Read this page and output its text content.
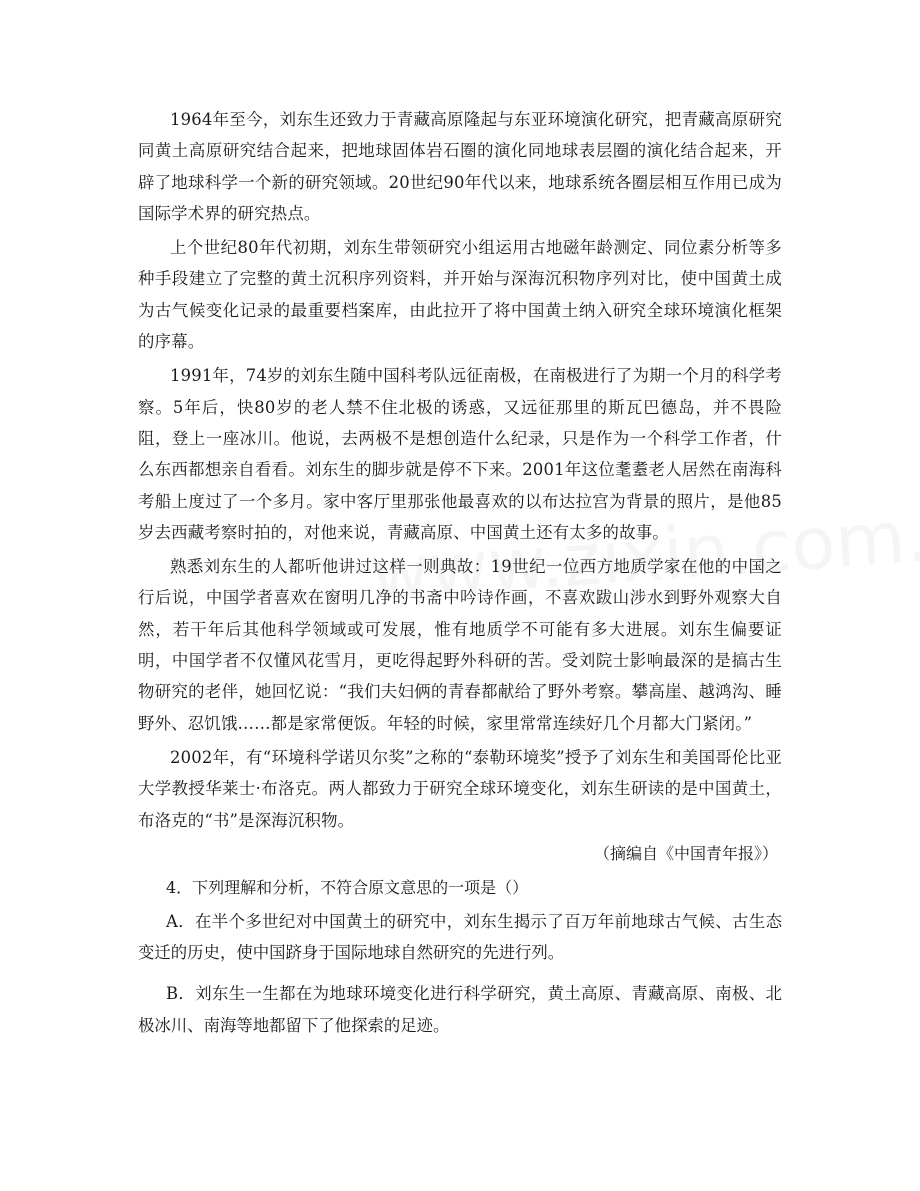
1964年至今，刘东生还致力于青藏高原隆起与东亚环境演化研究，把青藏高原研究同黄土高原研究结合起来，把地球固体岩石圈的演化同地球表层圈的演化结合起来，开辟了地球科学一个新的研究领域。20世纪90年代以来，地球系统各圈层相互作用已成为国际学术界的研究热点。

上个世纪80年代初期，刘东生带领研究小组运用古地磁年龄测定、同位素分析等多种手段建立了完整的黄土沉积序列资料，并开始与深海沉积物序列对比，使中国黄土成为古气候变化记录的最重要档案库，由此拉开了将中国黄土纳入研究全球环境演化框架的序幕。

1991年，74岁的刘东生随中国科考队远征南极，在南极进行了为期一个月的科学考察。5年后，快80岁的老人禁不住北极的诱惑，又远征那里的斯瓦巴德岛，并不畏险阻，登上一座冰川。他说，去两极不是想创造什么纪录，只是作为一个科学工作者，什么东西都想亲自看看。刘东生的脚步就是停不下来。2001年这位耄耋老人居然在南海科考船上度过了一个多月。家中客厅里那张他最喜欢的以布达拉宫为背景的照片，是他85岁去西藏考察时拍的，对他来说，青藏高原、中国黄土还有太多的故事。

熟悉刘东生的人都听他讲过这样一则典故：19世纪一位西方地质学家在他的中国之行后说，中国学者喜欢在窗明几净的书斋中吟诗作画，不喜欢跋山涉水到野外观察大自然，若干年后其他科学领域或可发展，惟有地质学不可能有多大进展。刘东生偏要证明，中国学者不仅懂风花雪月，更吃得起野外科研的苦。受刘院士影响最深的是搞古生物研究的老伴，她回忆说：“我们夫妇俩的青春都献给了野外考察。攀高崖、越鸿沟、睡野外、忍饥饿……都是家常便饭。年轻的时候，家里常常连续好几个月都大门紧闭。”

2002年，有“环境科学诺贝尔奖”之称的“泰勒环境奖”授予了刘东生和美国哥伦比亚大学教授华莱士·布洛克。两人都致力于研究全球环境变化，刘东生研读的是中国黄土，布洛克的“书”是深海沉积物。

（摘编自《中国青年报》）

4．下列理解和分析，不符合原文意思的一项是（）

A．在半个多世纪对中国黄土的研究中，刘东生揭示了百万年前地球古气候、古生态变迁的历史，使中国跻身于国际地球自然研究的先进行列。

B．刘东生一生都在为地球环境变化进行科学研究，黄土高原、青藏高原、南极、北极冰川、南海等地都留下了他探索的足迹。
